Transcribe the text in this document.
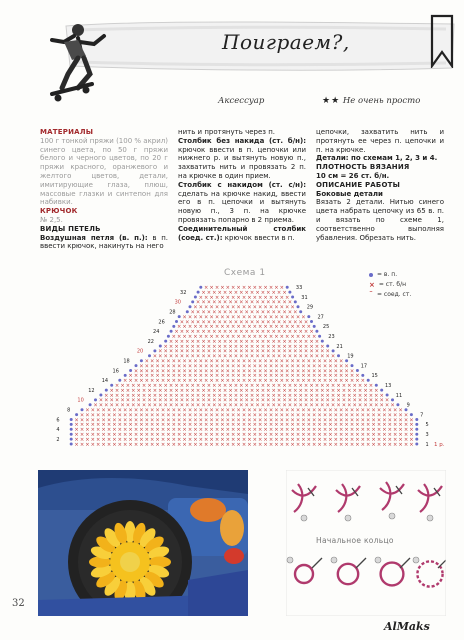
Поиграем?,
Аксессуар	★★ Не очень просто
МАТЕРИАЛЫ
100 г тонкой пряжи (100 % акрил) синего цвета, по 50 г пряжи белого и черного цветов, по 20 г пряжи красного, оранжевого и желтого цветов, детали, имитирующие глаза, плюш, массовые глазки и синтепон для набивки.
КРЮЧОК
№ 2,5.
ВИДЫ ПЕТЕЛЬ
Воздушная петля (в. п.): в п. ввести крючок, накинуть на него
нить и протянуть через п.
Столбик без накида (ст. б/н): крючок ввести в п. цепочки или нижнего р. и вытянуть новую п., захватить нить и провязать 2 п. на крючке в один прием.
Столбик с накидом (ст. с/н): сделать на крючке накид, ввести его в п. цепочки и вытянуть новую п., 3 п. на крючке провязать попарно в 2 приема.
Соединительный столбик (соед. ст.): крючок ввести в п.
цепочки, захватить нить и протянуть ее через п. цепочки и п. на крючке.
Детали: по схемам 1, 2, 3 и 4.
ПЛОТНОСТЬ ВЯЗАНИЯ
10 см = 26 ст. б/н.
ОПИСАНИЕ РАБОТЫ
Боковые детали
Вязать 2 детали. Нитью синего цвета набрать цепочку из 65 в. п. и вязать по схеме 1, соответственно выполняя убавления. Обрезать нить.
Схема 1	= в. п.
× = ст. б/н
˜ = соед. ст.
× × × × × × × × × × × × × × × × × × × × × × × × × × × × × × × × × × × × × × × × × × × × × × × × × × × × × × × × × × × × × × × 1
× × × × × × × × × × × × × × × × × × × × × × × × × × × × × × × × × × × × × × × × × × × × × × × × × × × × × × × × × × × × × × ×
2
× × × × × × × × × × × × × × × × × × × × × × × × × × × × × × × × × × × × × × × × × × × × × × × × × × × × × × × × × × × × × × × 3
× × × × × × × × × × × × × × × × × × × × × × × × × × × × × × × × × × × × × × × × × × × × × × × × × × × × × × × × × × × × × × ×
4
× × × × × × × × × × × × × × × × × × × × × × × × × × × × × × × × × × × × × × × × × × × × × × × × × × × × × × × × × × × × × × × 5
× × × × × × × × × × × × × × × × × × × × × × × × × × × × × × × × × × × × × × × × × × × × × × × × × × × × × × × × × × × × × × ×
6
× × × × × × × × × × × × × × × × × × × × × × × × × × × × × × × × × × × × × × × × × × × × × × × × × × × × × × × × × × × × × 7
× × × × × × × × × × × × × × × × × × × × × × × × × × × × × × × × × × × × × × × × × × × × × × × × × × × × × × × × × × ×
8
× × × × × × × × × × × × × × × × × × × × × × × × × × × × × × × × × × × × × × × × × × × × × × × × × × × × × × × × 9
× × × × × × × × × × × × × × × × × × × × × × × × × × × × × × × × × × × × × × × × × × × × × × × × × × × × × ×
10
× × × × × × × × × × × × × × × × × × × × × × × × × × × × × × × × × × × × × × × × × × × × × × × × × × × × 11
× × × × × × × × × × × × × × × × × × × × × × × × × × × × × × × × × × × × × × × × × × × × × × × × × ×
12
× × × × × × × × × × × × × × × × × × × × × × × × × × × × × × × × × × × × × × × × × × × × × × × × 13
× × × × × × × × × × × × × × × × × × × × × × × × × × × × × × × × × × × × × × × × × × × × ×
14
× × × × × × × × × × × × × × × × × × × × × × × × × × × × × × × × × × × × × × × × × × × 15
× × × × × × × × × × × × × × × × × × × × × × × × × × × × × × × × × × × × × × × × ×
16
× × × × × × × × × × × × × × × × × × × × × × × × × × × × × × × × × × × × × × × 17
× × × × × × × × × × × × × × × × × × × × × × × × × × × × × × × × × × × × ×
18
× × × × × × × × × × × × × × × × × × × × × × × × × × × × × × × × × × 19
× × × × × × × × × × × × × × × × × × × × × × × × × × × × × × × ×
20
× × × × × × × × × × × × × × × × × × × × × × × × × × × × × × 21
× × × × × × × × × × × × × × × × × × × × × × × × × × × ×
22
× × × × × × × × × × × × × × × × × × × × × × × × × × × 23
× × × × × × × × × × × × × × × × × × × × × × × × × ×
24
× × × × × × × × × × × × × × × × × × × × × × × × × 25
× × × × × × × × × × × × × × × × × × × × × × × ×
26
× × × × × × × × × × × × × × × × × × × × × × × 27
× × × × × × × × × × × × × × × × × × × ×
28
× × × × × × × × × × × × × × × × × × × 29
× × × × × × × × × × × × × × × × × ×
30
× × × × × × × × × × × × × × × × × 31
× × × × × × × × × × × × × × × ×
32
× × × × × × × × × × × × × × × 33
1 р.
Начальное кольцо
32
AlMaks
